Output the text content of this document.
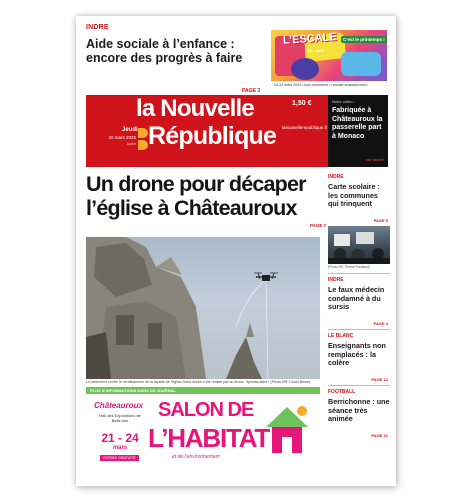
INDRE
Aide sociale à l’enfance : encore des progrès à faire
PAGE 3
L’ESCALE
VILLAGE
C’est le printemps !
14-24 mars 2024 • tout commerce • l’escale-chateauroux.fr
la Nouvelle
République
Jeudi
20 mars 2025
Indre
1,50 €
lanouvellerepublique.fr
Notre vidéo...
Fabriquée à Châteauroux la passerelle part à Monaco
sur lanr.fr
Un drone pour décaper
l’église à Châteauroux
PAGE 7
Le traitement contre le verdissement de la façade de l’église Saint-André a été réalisé par un drone. Spectaculaire ! (Photo NR, Lionel Bouet)
PLUS D’INFORMATIONS DANS CE JOURNAL
Châteauroux
Hall des Expositions de Belle-Isle
21 - 24
mars
ENTRÉE GRATUITE
SALON DE
L’HABITAT
et de l’environnement
INDRE
Carte scolaire : les communes qui trinquent
PAGE 6
(Photo NR, Thierry Roulliaud)
INDRE
Le faux médecin condamné à du sursis
PAGE 4
LE BLANC
Enseignants non remplacés : la colère
PAGE 12
FOOTBALL
Berrichonne : une séance très animée
PAGE 21
